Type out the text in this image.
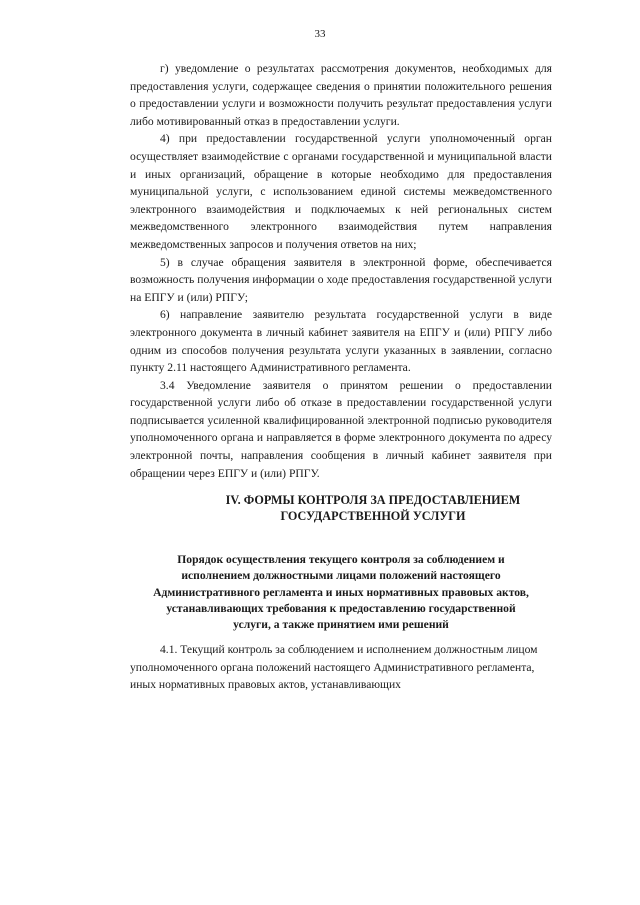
33

г) уведомление о результатах рассмотрения документов, необходимых для предоставления услуги, содержащее сведения о принятии положительного решения о предоставлении услуги и возможности получить результат предоставления услуги либо мотивированный отказ в предоставлении услуги.

4) при предоставлении государственной услуги уполномоченный орган осуществляет взаимодействие с органами государственной и муниципальной власти и иных организаций, обращение в которые необходимо для предоставления муниципальной услуги, с использованием единой системы межведомственного электронного взаимодействия и подключаемых к ней региональных систем межведомственного электронного взаимодействия путем направления межведомственных запросов и получения ответов на них;

5) в случае обращения заявителя в электронной форме, обеспечивается возможность получения информации о ходе предоставления государственной услуги на ЕПГУ и (или) РПГУ;

6) направление заявителю результата государственной услуги в виде электронного документа в личный кабинет заявителя на ЕПГУ и (или) РПГУ либо одним из способов получения результата услуги указанных в заявлении, согласно пункту 2.11 настоящего Административного регламента.

3.4 Уведомление заявителя о принятом решении о предоставлении государственной услуги либо об отказе в предоставлении государственной услуги подписывается усиленной квалифицированной электронной подписью руководителя уполномоченного органа и направляется в форме электронного документа по адресу электронной почты, направления сообщения в личный кабинет заявителя при обращении через ЕПГУ и (или) РПГУ.

IV. ФОРМЫ КОНТРОЛЯ ЗА ПРЕДОСТАВЛЕНИЕМ
ГОСУДАРСТВЕННОЙ УСЛУГИ
Порядок осуществления текущего контроля за соблюдением и
исполнением должностными лицами положений настоящего
Административного регламента и иных нормативных правовых актов,
устанавливающих требования к предоставлению государственной
услуги, а также принятием ими решений

4.1. Текущий контроль за соблюдением и исполнением должностным лицом уполномоченного органа положений настоящего Административного регламента, иных нормативных правовых актов, устанавливающих
